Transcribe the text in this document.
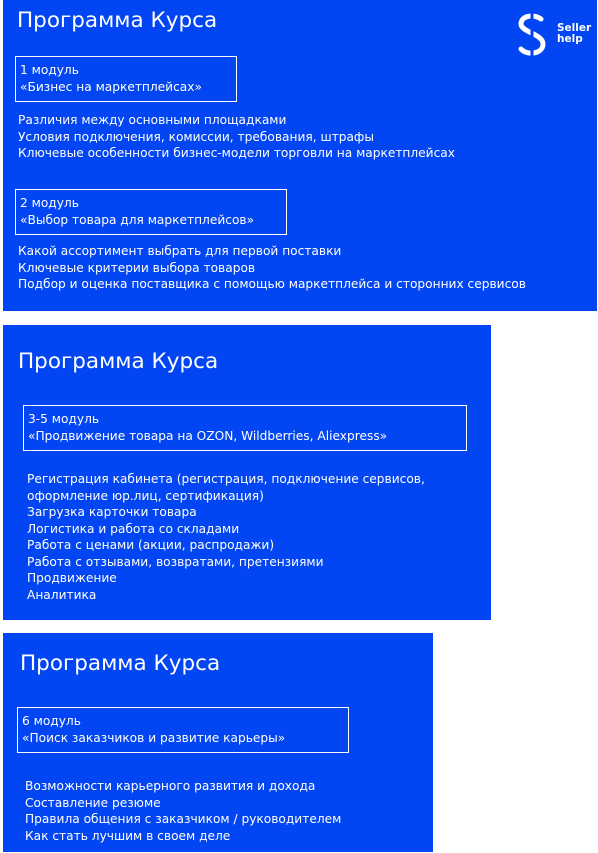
Программа Курса	Seller
help
1 модуль
«Бизнес на маркетплейсах»
Различия между основными площадками
Условия подключения, комиссии, требования, штрафы
Ключевые особенности бизнес-модели торговли на маркетплейсах
2 модуль
«Выбор товара для маркетплейсов»
Какой ассортимент выбрать для первой поставки
Ключевые критерии выбора товаров
Подбор и оценка поставщика с помощью маркетплейса и сторонних сервисов
Программа Курса
3-5 модуль
«Продвижение товара на OZON, Wildberries, Aliexpress»
Регистрация кабинета (регистрация, подключение сервисов,
оформление юр.лиц, сертификация)
Загрузка карточки товара
Логистика и работа со складами
Работа с ценами (акции, распродажи)
Работа с отзывами, возвратами, претензиями
Продвижение
Аналитика
Программа Курса
6 модуль
«Поиск заказчиков и развитие карьеры»
Возможности карьерного развития и дохода
Составление резюме
Правила общения с заказчиком / руководителем
Как стать лучшим в своем деле
